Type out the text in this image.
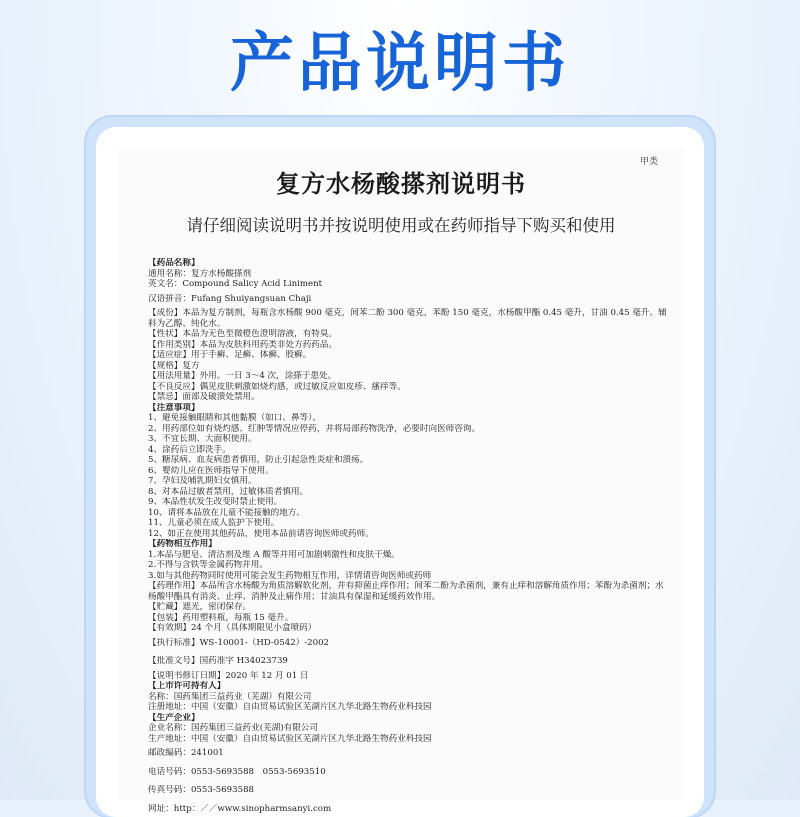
产品说明书
甲类
复方水杨酸搽剂说明书
请仔细阅读说明书并按说明使用或在药师指导下购买和使用
【药品名称】
通用名称：复方水杨酸搽剂
英文名：Compound Salicy Acid Liniment
汉语拼音：Fufang Shuiyangsuan Chaji
【成份】本品为复方制剂，每瓶含水杨酸 900 毫克，间苯二酚 300 毫克，苯酚 150 毫克，水杨酸甲酯 0.45 毫升，甘油 0.45 毫升。辅料为乙醇、纯化水。
【性状】本品为无色至微橙色澄明溶液，有特臭。
【作用类别】本品为皮肤科用药类非处方药药品。
【适应症】用于手癣、足癣、体癣、股癣。
【规格】复方
【用法用量】外用。一日 3～4 次，涂搽于患处。
【不良反应】偶见皮肤刺激如烧灼感，或过敏反应如皮疹、瘙痒等。
【禁忌】面部及破溃处禁用。
【注意事项】
1、避免接触眼睛和其他黏膜（如口、鼻等）。
2、用药部位如有烧灼感、红肿等情况应停药，并将局部药物洗净，必要时向医师咨询。
3、不宜长期、大面积使用。
4、涂药后立即洗手。
5、糖尿病、血友病患者慎用，防止引起急性炎症和溃疡。
6、婴幼儿应在医师指导下使用。
7、孕妇及哺乳期妇女慎用。
8、对本品过敏者禁用，过敏体质者慎用。
9、本品性状发生改变时禁止使用。
10、请将本品放在儿童不能接触的地方。
11、儿童必须在成人监护下使用。
12、如正在使用其他药品，使用本品前请咨询医师或药师。
【药物相互作用】
1.本品与肥皂、清洁剂及维 A 酸等并用可加剧刺激性和皮肤干燥。
2.不得与含铁等金属药物并用。
3.如与其他药物同时使用可能会发生药物相互作用，详情请咨询医师或药师
【药理作用】本品所含水杨酸为角质溶解软化剂，并有抑菌止痒作用；间苯二酚为杀菌剂，兼有止痒和溶解角质作用；苯酚为杀菌剂；水杨酸甲酯具有消炎、止痒、消肿及止痛作用；甘油具有保湿和延缓药效作用。
【贮藏】遮光，密闭保存。
【包装】药用塑料瓶，每瓶 15 毫升。
【有效期】24 个月（具体期限见小盒喷码）
【执行标准】WS-10001-（HD-0542）-2002
【批准文号】国药准字 H34023739
【说明书修订日期】2020 年 12 月 01 日
【上市许可持有人】
名称：国药集团三益药业（芜湖）有限公司
注册地址：中国（安徽）自由贸易试验区芜湖片区九华北路生物药业科技园
【生产企业】
企业名称：国药集团三益药业(芜湖)有限公司
生产地址：中国（安徽）自由贸易试验区芜湖片区九华北路生物药业科技园
邮政编码：241001
电话号码：0553-5693588　0553-5693510
传真号码：0553-5693588
网址：http：／／www.sinopharmsanyi.com
